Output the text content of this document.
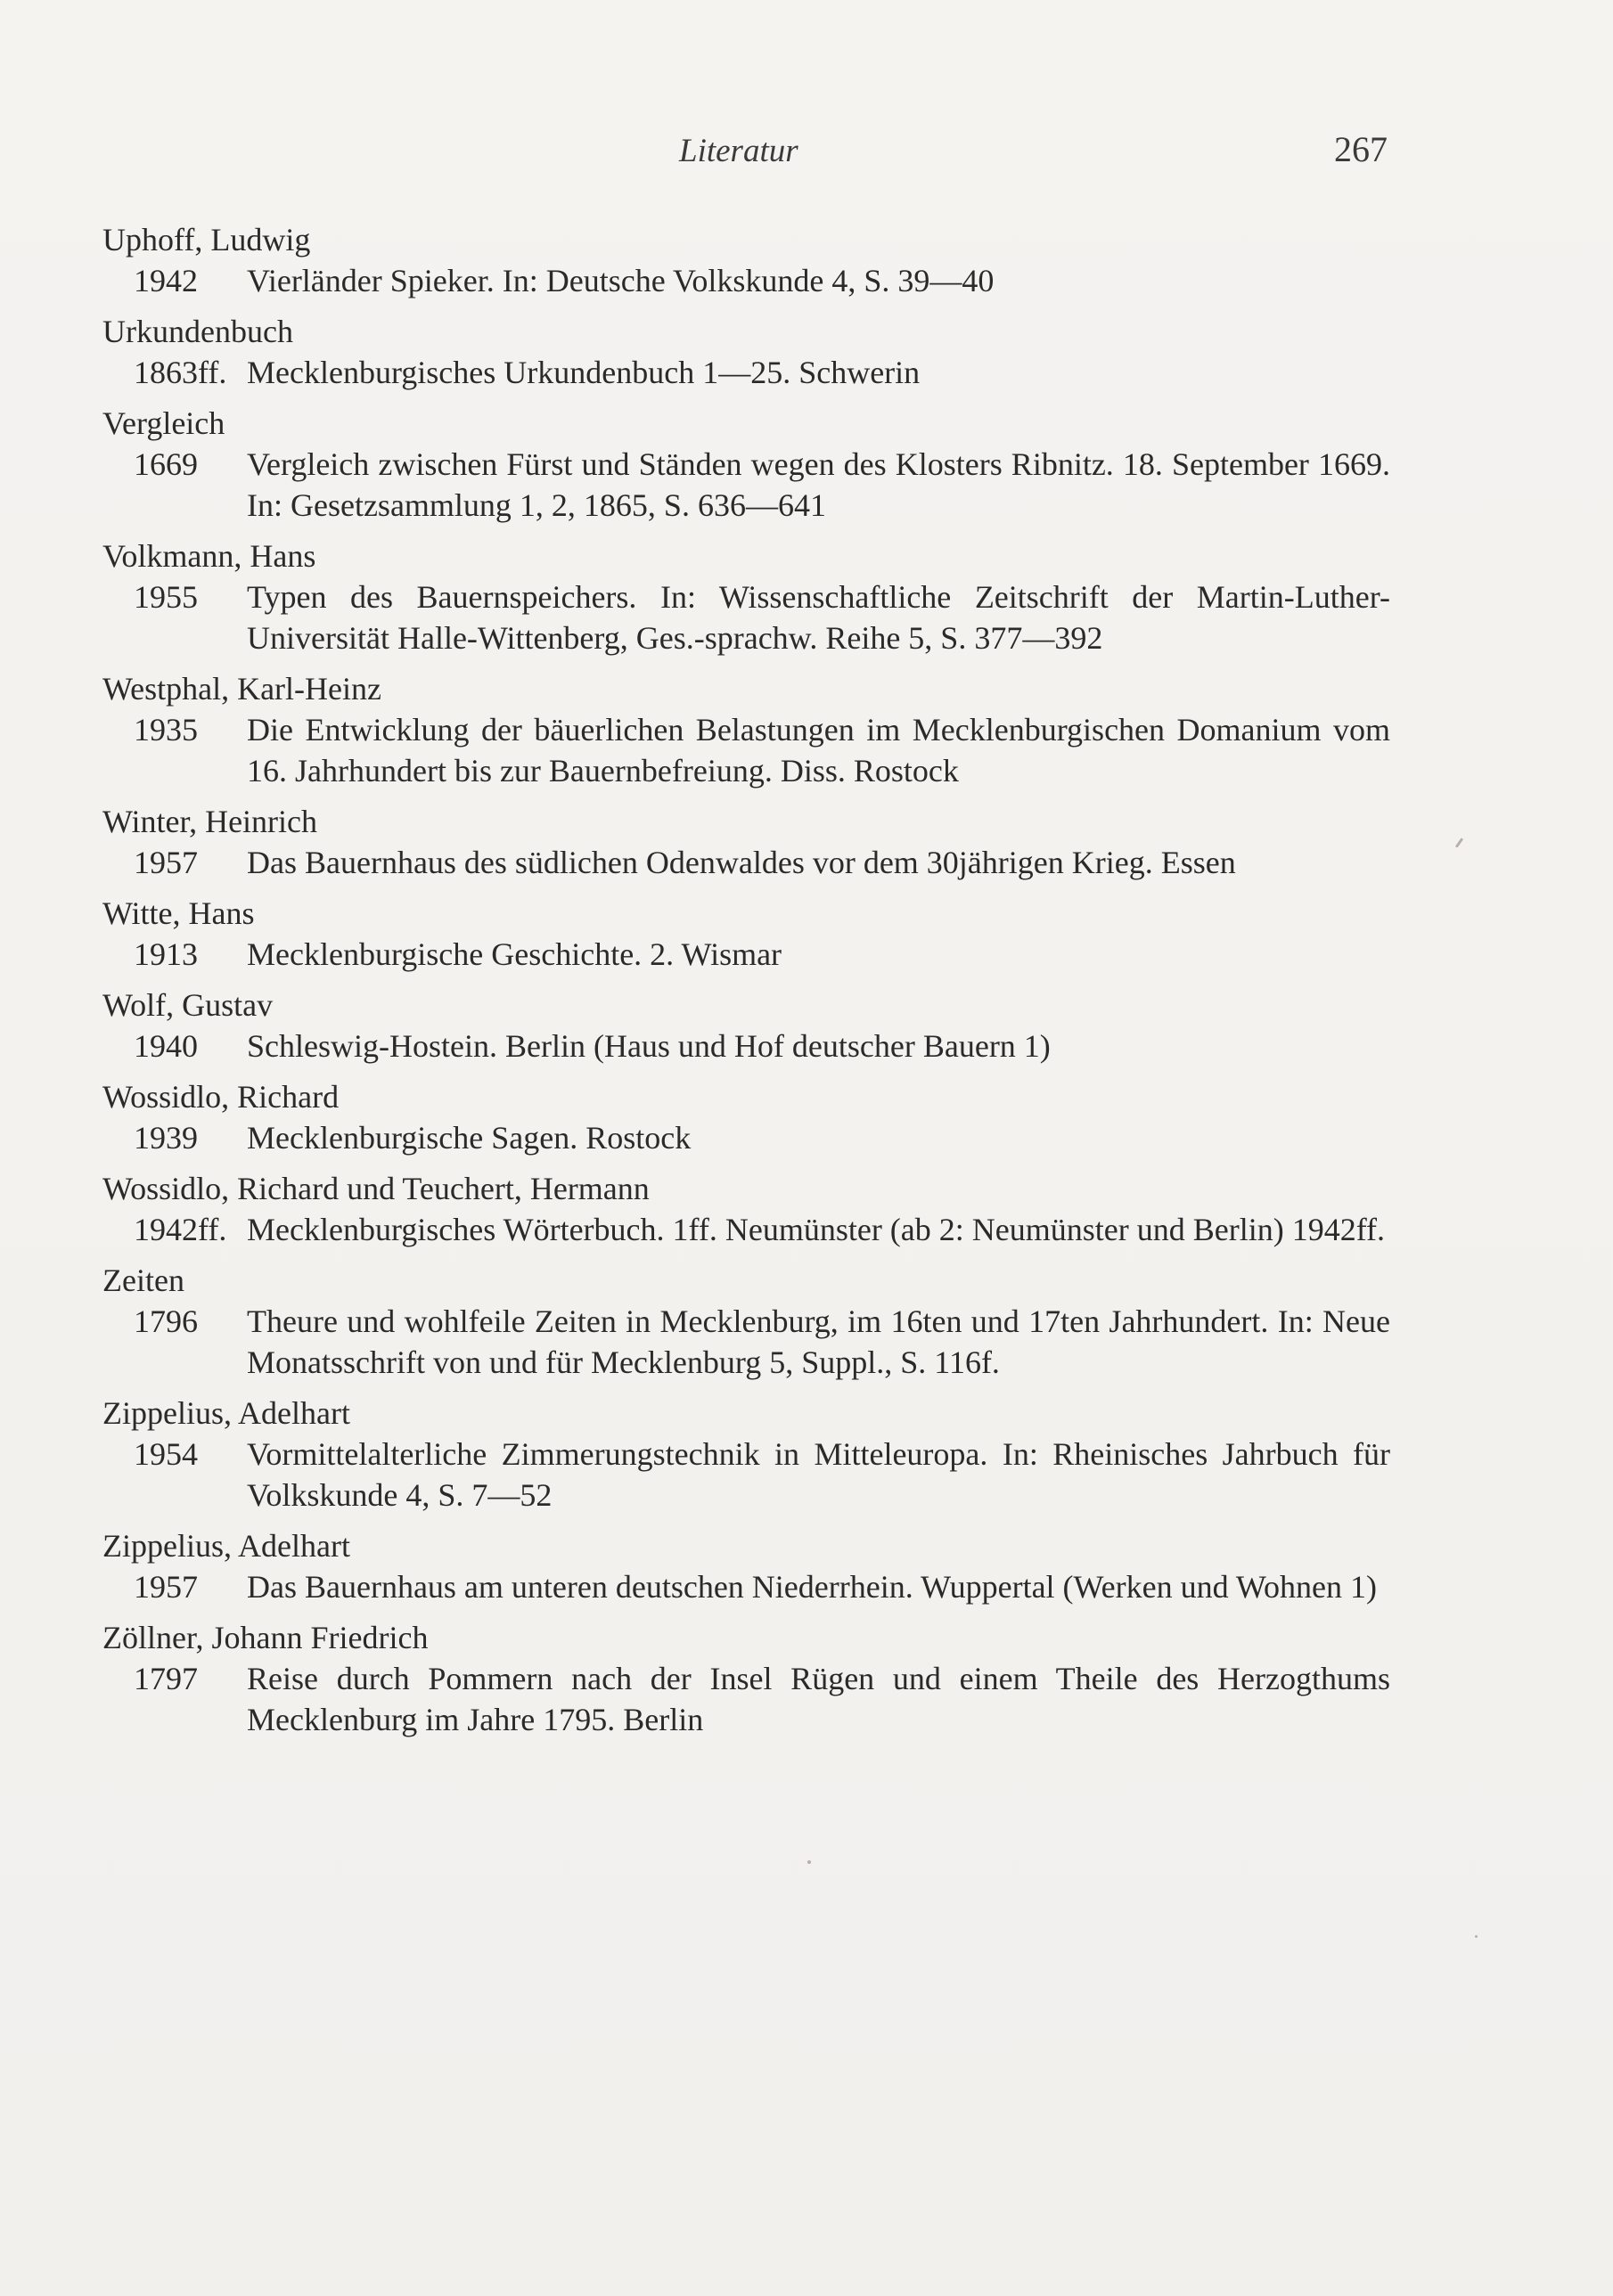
Literatur	267
Uphoff, Ludwig
1942 Vierländer Spieker. In: Deutsche Volkskunde 4, S. 39—40
Urkundenbuch
1863ff. Mecklenburgisches Urkundenbuch 1—25. Schwerin
Vergleich
1669 Vergleich zwischen Fürst und Ständen wegen des Klosters Ribnitz. 18. September 1669. In: Gesetzsammlung 1, 2, 1865, S. 636—641
Volkmann, Hans
1955 Typen des Bauernspeichers. In: Wissenschaftliche Zeitschrift der Martin-Luther-Universität Halle-Wittenberg, Ges.-sprachw. Reihe 5, S. 377—392
Westphal, Karl-Heinz
1935 Die Entwicklung der bäuerlichen Belastungen im Mecklenburgischen Domanium vom 16. Jahrhundert bis zur Bauernbefreiung. Diss. Rostock
Winter, Heinrich
1957 Das Bauernhaus des südlichen Odenwaldes vor dem 30jährigen Krieg. Essen
Witte, Hans
1913 Mecklenburgische Geschichte. 2. Wismar
Wolf, Gustav
1940 Schleswig-Hostein. Berlin (Haus und Hof deutscher Bauern 1)
Wossidlo, Richard
1939 Mecklenburgische Sagen. Rostock
Wossidlo, Richard und Teuchert, Hermann
1942ff. Mecklenburgisches Wörterbuch. 1ff. Neumünster (ab 2: Neumünster und Berlin) 1942ff.
Zeiten
1796 Theure und wohlfeile Zeiten in Mecklenburg, im 16ten und 17ten Jahrhundert. In: Neue Monatsschrift von und für Mecklenburg 5, Suppl., S. 116f.
Zippelius, Adelhart
1954 Vormittelalterliche Zimmerungstechnik in Mitteleuropa. In: Rheinisches Jahrbuch für Volkskunde 4, S. 7—52
Zippelius, Adelhart
1957 Das Bauernhaus am unteren deutschen Niederrhein. Wuppertal (Werken und Wohnen 1)
Zöllner, Johann Friedrich
1797 Reise durch Pommern nach der Insel Rügen und einem Theile des Herzogthums Mecklenburg im Jahre 1795. Berlin
